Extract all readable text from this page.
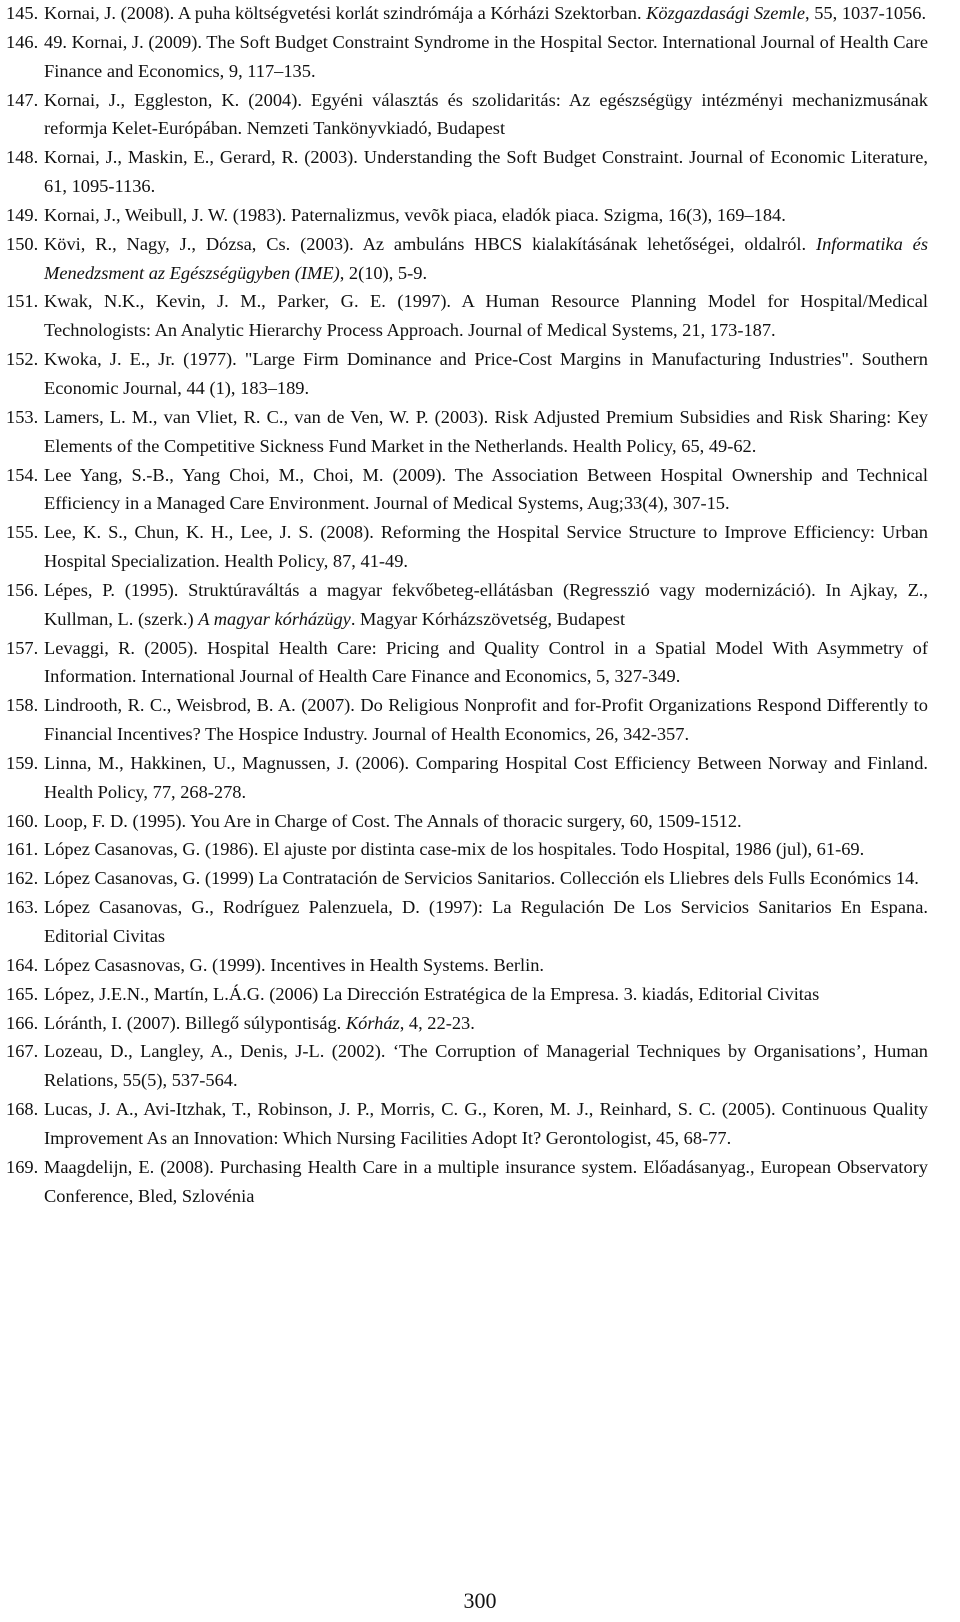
145. Kornai, J. (2008). A puha költségvetési korlát szindrómája a Kórházi Szektorban. Közgazdasági Szemle, 55, 1037-1056.
146. 49. Kornai, J. (2009). The Soft Budget Constraint Syndrome in the Hospital Sector. International Journal of Health Care Finance and Economics, 9, 117–135.
147. Kornai, J., Eggleston, K. (2004). Egyéni választás és szolidaritás: Az egészségügy intézményi mechanizmusának reformja Kelet-Európában. Nemzeti Tankönyvkiadó, Budapest
148. Kornai, J., Maskin, E., Gerard, R. (2003). Understanding the Soft Budget Constraint. Journal of Economic Literature, 61, 1095-1136.
149. Kornai, J., Weibull, J. W. (1983). Paternalizmus, vevõk piaca, eladók piaca. Szigma, 16(3), 169–184.
150. Kövi, R., Nagy, J., Dózsa, Cs. (2003). Az ambuláns HBCS kialakításának lehetőségei, oldalról. Informatika és Menedzsment az Egészségügyben (IME), 2(10), 5-9.
151. Kwak, N.K., Kevin, J. M., Parker, G. E. (1997). A Human Resource Planning Model for Hospital/Medical Technologists: An Analytic Hierarchy Process Approach. Journal of Medical Systems, 21, 173-187.
152. Kwoka, J. E., Jr. (1977). "Large Firm Dominance and Price-Cost Margins in Manufacturing Industries". Southern Economic Journal, 44 (1), 183–189.
153. Lamers, L. M., van Vliet, R. C., van de Ven, W. P. (2003). Risk Adjusted Premium Subsidies and Risk Sharing: Key Elements of the Competitive Sickness Fund Market in the Netherlands. Health Policy, 65, 49-62.
154. Lee Yang, S.-B., Yang Choi, M., Choi, M. (2009). The Association Between Hospital Ownership and Technical Efficiency in a Managed Care Environment. Journal of Medical Systems, Aug;33(4), 307-15.
155. Lee, K. S., Chun, K. H., Lee, J. S. (2008). Reforming the Hospital Service Structure to Improve Efficiency: Urban Hospital Specialization. Health Policy, 87, 41-49.
156. Lépes, P. (1995). Struktúraváltás a magyar fekvőbeteg-ellátásban (Regresszió vagy modernizáció). In Ajkay, Z., Kullman, L. (szerk.) A magyar kórházügy. Magyar Kórházszövetség, Budapest
157. Levaggi, R. (2005). Hospital Health Care: Pricing and Quality Control in a Spatial Model With Asymmetry of Information. International Journal of Health Care Finance and Economics, 5, 327-349.
158. Lindrooth, R. C., Weisbrod, B. A. (2007). Do Religious Nonprofit and for-Profit Organizations Respond Differently to Financial Incentives? The Hospice Industry. Journal of Health Economics, 26, 342-357.
159. Linna, M., Hakkinen, U., Magnussen, J. (2006). Comparing Hospital Cost Efficiency Between Norway and Finland. Health Policy, 77, 268-278.
160. Loop, F. D. (1995). You Are in Charge of Cost. The Annals of thoracic surgery, 60, 1509-1512.
161. López Casanovas, G. (1986). El ajuste por distinta case-mix de los hospitales. Todo Hospital, 1986 (jul), 61-69.
162. López Casanovas, G. (1999) La Contratación de Servicios Sanitarios. Collección els Lliebres dels Fulls Económics 14.
163. López Casanovas, G., Rodríguez Palenzuela, D. (1997): La Regulación De Los Servicios Sanitarios En Espana. Editorial Civitas
164. López Casasnovas, G. (1999). Incentives in Health Systems. Berlin.
165. López, J.E.N., Martín, L.Á.G. (2006) La Dirección Estratégica de la Empresa. 3. kiadás, Editorial Civitas
166. Lóránth, I. (2007). Billegő súlypontiság. Kórház, 4, 22-23.
167. Lozeau, D., Langley, A., Denis, J-L. (2002). ‘The Corruption of Managerial Techniques by Organisations’, Human Relations, 55(5), 537-564.
168. Lucas, J. A., Avi-Itzhak, T., Robinson, J. P., Morris, C. G., Koren, M. J., Reinhard, S. C. (2005). Continuous Quality Improvement As an Innovation: Which Nursing Facilities Adopt It? Gerontologist, 45, 68-77.
169. Maagdelijn, E. (2008). Purchasing Health Care in a multiple insurance system. Előadásanyag., European Observatory Conference, Bled, Szlovénia
300
